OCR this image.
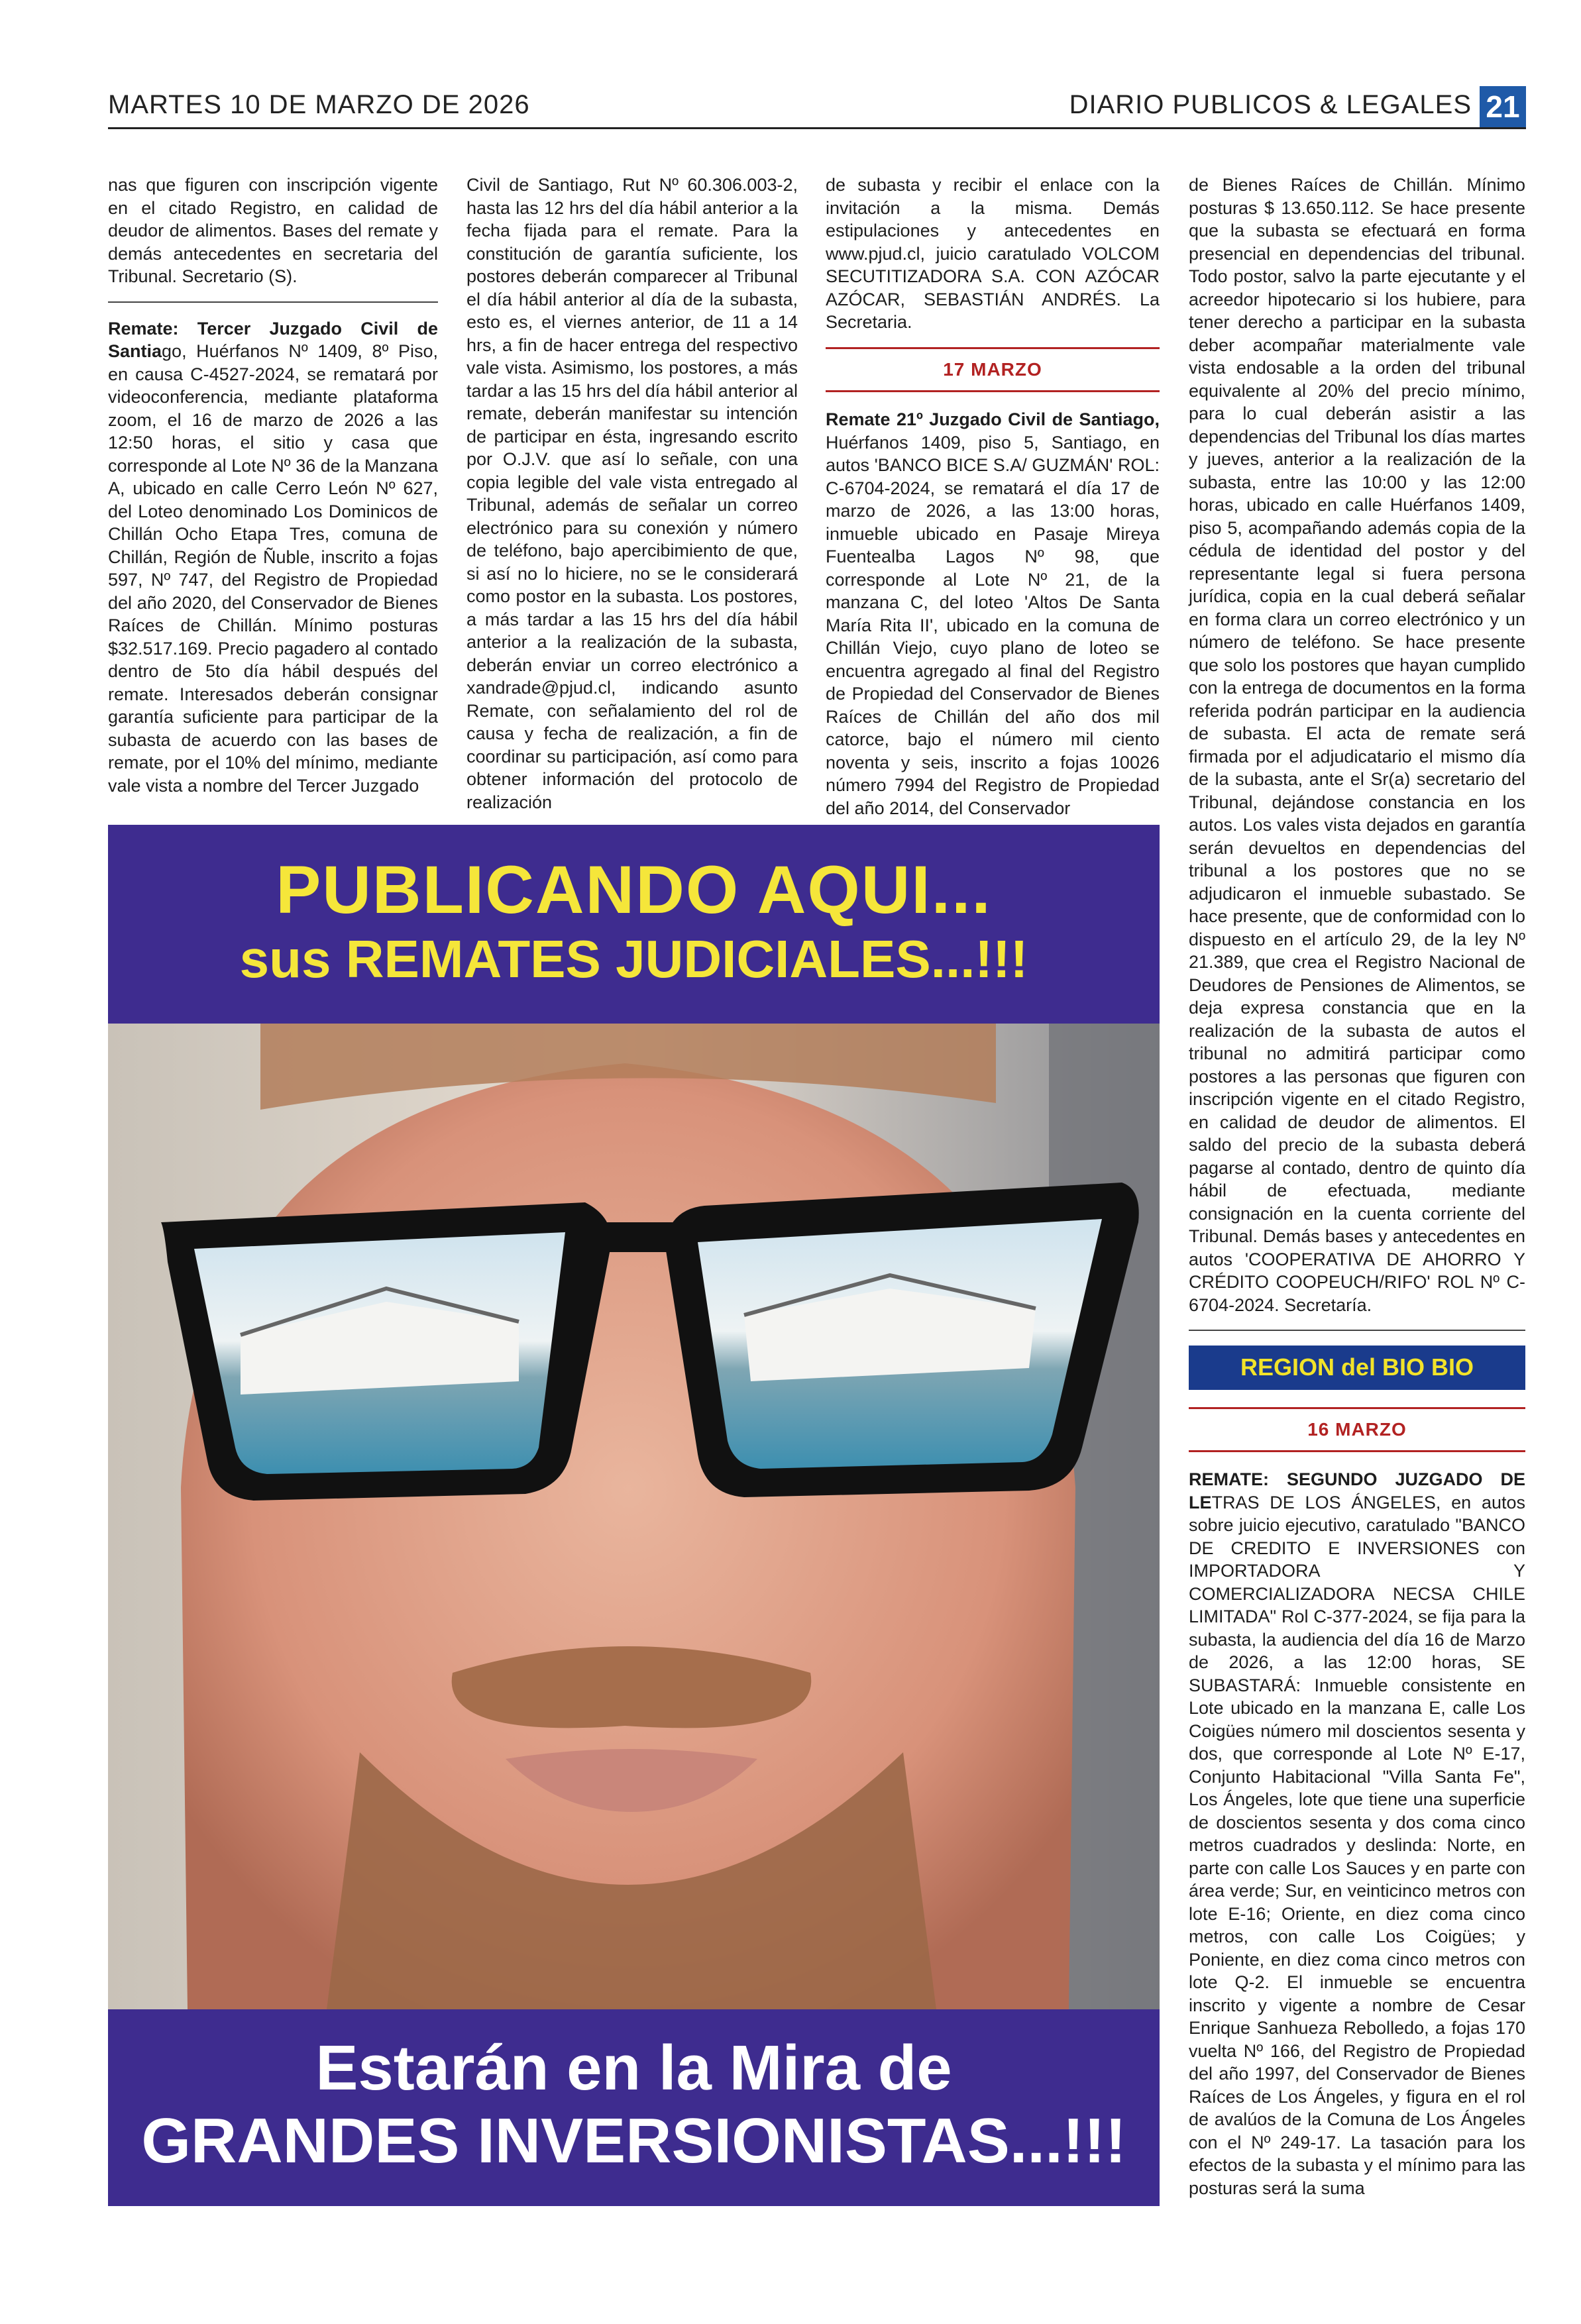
MARTES 10 DE MARZO DE 2026	DIARIO PUBLICOS & LEGALES 21

nas que figuren con inscripción vigente en el citado Registro, en calidad de deudor de alimentos. Bases del remate y demás antecedentes en secretaria del Tribunal. Secretario (S).

Remate: Tercer Juzgado Civil de Santiago, Huérfanos Nº 1409, 8º Piso, en causa C-4527-2024, se rematará por videoconferencia, mediante plataforma zoom, el 16 de marzo de 2026 a las 12:50 horas, el sitio y casa que corresponde al Lote Nº 36 de la Manzana A, ubicado en calle Cerro León Nº 627, del Loteo denominado Los Dominicos de Chillán Ocho Etapa Tres, comuna de Chillán, Región de Ñuble, inscrito a fojas 597, Nº 747, del Registro de Propiedad del año 2020, del Conservador de Bienes Raíces de Chillán. Mínimo posturas $32.517.169. Precio pagadero al contado dentro de 5to día hábil después del remate. Interesados deberán consignar garantía suficiente para participar de la subasta de acuerdo con las bases de remate, por el 10% del mínimo, mediante vale vista a nombre del Tercer Juzgado

Civil de Santiago, Rut Nº 60.306.003-2, hasta las 12 hrs del día hábil anterior a la fecha fijada para el remate. Para la constitución de garantía suficiente, los postores deberán comparecer al Tribunal el día hábil anterior al día de la subasta, esto es, el viernes anterior, de 11 a 14 hrs, a fin de hacer entrega del respectivo vale vista. Asimismo, los postores, a más tardar a las 15 hrs del día hábil anterior al remate, deberán manifestar su intención de participar en ésta, ingresando escrito por O.J.V. que así lo señale, con una copia legible del vale vista entregado al Tribunal, además de señalar un correo electrónico para su conexión y número de teléfono, bajo apercibimiento de que, si así no lo hiciere, no se le considerará como postor en la subasta. Los postores, a más tardar a las 15 hrs del día hábil anterior a la realización de la subasta, deberán enviar un correo electrónico a xandrade@pjud.cl, indicando asunto Remate, con señalamiento del rol de causa y fecha de realización, a fin de coordinar su participación, así como para obtener información del protocolo de realización

de subasta y recibir el enlace con la invitación a la misma. Demás estipulaciones y antecedentes en www.pjud.cl, juicio caratulado VOLCOM SECUTITIZADORA S.A. CON AZÓCAR AZÓCAR, SEBASTIÁN ANDRÉS. La Secretaria.

17 MARZO

Remate 21º Juzgado Civil de Santiago, Huérfanos 1409, piso 5, Santiago, en autos 'BANCO BICE S.A/ GUZMÁN' ROL: C-6704-2024, se rematará el día 17 de marzo de 2026, a las 13:00 horas, inmueble ubicado en Pasaje Mireya Fuentealba Lagos Nº 98, que corresponde al Lote Nº 21, de la manzana C, del loteo 'Altos De Santa María Rita II', ubicado en la comuna de Chillán Viejo, cuyo plano de loteo se encuentra agregado al final del Registro de Propiedad del Conservador de Bienes Raíces de Chillán del año dos mil catorce, bajo el número mil ciento noventa y seis, inscrito a fojas 10026 número 7994 del Registro de Propiedad del año 2014, del Conservador

de Bienes Raíces de Chillán. Mínimo posturas $ 13.650.112. Se hace presente que la subasta se efectuará en forma presencial en dependencias del tribunal. Todo postor, salvo la parte ejecutante y el acreedor hipotecario si los hubiere, para tener derecho a participar en la subasta deber acompañar materialmente vale vista endosable a la orden del tribunal equivalente al 20% del precio mínimo, para lo cual deberán asistir a las dependencias del Tribunal los días martes y jueves, anterior a la realización de la subasta, entre las 10:00 y las 12:00 horas, ubicado en calle Huérfanos 1409, piso 5, acompañando además copia de la cédula de identidad del postor y del representante legal si fuera persona jurídica, copia en la cual deberá señalar en forma clara un correo electrónico y un número de teléfono. Se hace presente que solo los postores que hayan cumplido con la entrega de documentos en la forma referida podrán participar en la audiencia de subasta. El acta de remate será firmada por el adjudicatario el mismo día de la subasta, ante el Sr(a) secretario del Tribunal, dejándose constancia en los autos. Los vales vista dejados en garantía serán devueltos en dependencias del tribunal a los postores que no se adjudicaron el inmueble subastado. Se hace presente, que de conformidad con lo dispuesto en el artículo 29, de la ley Nº 21.389, que crea el Registro Nacional de Deudores de Pensiones de Alimentos, se deja expresa constancia que en la realización de la subasta de autos el tribunal no admitirá participar como postores a las personas que figuren con inscripción vigente en el citado Registro, en calidad de deudor de alimentos. El saldo del precio de la subasta deberá pagarse al contado, dentro de quinto día hábil de efectuada, mediante consignación en la cuenta corriente del Tribunal. Demás bases y antecedentes en autos 'COOPERATIVA DE AHORRO Y CRÉDITO COOPEUCH/RIFO' ROL Nº C-6704-2024. Secretaría.

REGION del BIO BIO
16 MARZO

REMATE: SEGUNDO JUZGADO DE LETRAS DE LOS ÁNGELES, en autos sobre juicio ejecutivo, caratulado "BANCO DE CREDITO E INVERSIONES con IMPORTADORA Y COMERCIALIZADORA NECSA CHILE LIMITADA" Rol C-377-2024, se fija para la subasta, la audiencia del día 16 de Marzo de 2026, a las 12:00 horas, SE SUBASTARÁ: Inmueble consistente en Lote ubicado en la manzana E, calle Los Coigües número mil doscientos sesenta y dos, que corresponde al Lote Nº E-17, Conjunto Habitacional "Villa Santa Fe", Los Ángeles, lote que tiene una superficie de doscientos sesenta y dos coma cinco metros cuadrados y deslinda: Norte, en parte con calle Los Sauces y en parte con área verde; Sur, en veinticinco metros con lote E-16; Oriente, en diez coma cinco metros, con calle Los Coigües; y Poniente, en diez coma cinco metros con lote Q-2. El inmueble se encuentra inscrito y vigente a nombre de Cesar Enrique Sanhueza Rebolledo, a fojas 170 vuelta Nº 166, del Registro de Propiedad del año 1997, del Conservador de Bienes Raíces de Los Ángeles, y figura en el rol de avalúos de la Comuna de Los Ángeles con el Nº 249-17. La tasación para los efectos de la subasta y el mínimo para las posturas será la suma

PUBLICANDO AQUI...
sus REMATES JUDICIALES...!!!
Estarán en la Mira de
GRANDES INVERSIONISTAS...!!!
